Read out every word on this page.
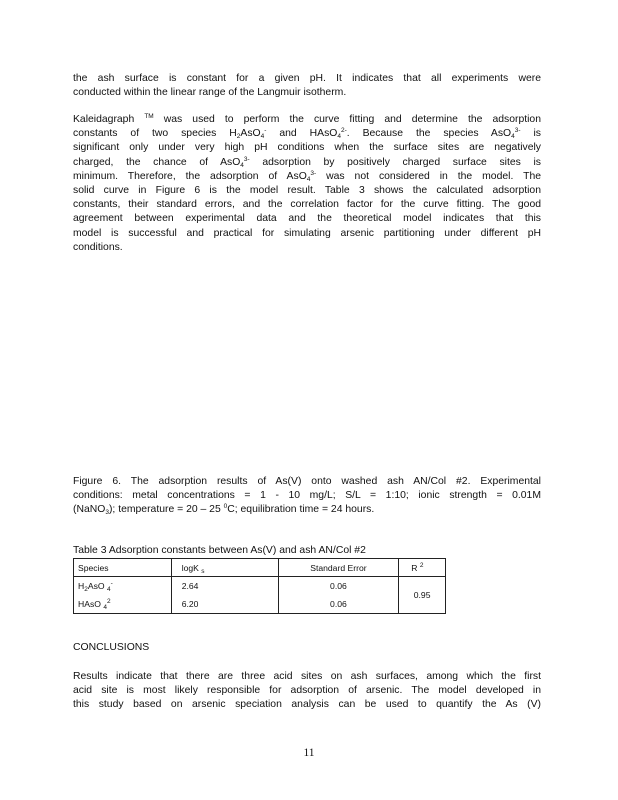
the ash surface is constant for a given pH. It indicates that all experiments were
conducted within the linear range of the Langmuir isotherm.
Kaleidagraph ™ was used to perform the curve fitting and determine the adsorption
constants of two species $H_2AsO_4^-$ and HAsO$_4^{2-}$. Because the species AsO$_4^{3-}$ is
significant only under very high pH conditions when the surface sites are negatively
charged, the chance of AsO$_4^{3-}$ adsorption by positively charged surface sites is
minimum. Therefore, the adsorption of AsO$_4^{3-}$ was not considered in the model. The
solid curve in Figure 6 is the model result. Table 3 shows the calculated adsorption
constants, their standard errors, and the correlation factor for the curve fitting. The good
agreement between experimental data and the theoretical model indicates that this
model is successful and practical for simulating arsenic partitioning under different pH
conditions.
Figure 6. The adsorption results of As(V) onto washed ash AN/Col #2. Experimental
conditions: metal concentrations = 1 - 10 mg/L; S/L = 1:10; ionic strength = 0.01M
(NaNO$_3$); temperature = 20 – 25 $^0$C; equilibration time = 24 hours.
Table 3 Adsorption constants between As(V) and ash AN/Col #2
Species	logK $_s$	Standard Error	R $^2$
$H_2AsO$ $_4$-	2.64	0.06	0.95
HAsO $_4^2$	6.20	0.06	
CONCLUSIONS
Results indicate that there are three acid sites on ash surfaces, among which the first
acid site is most likely responsible for adsorption of arsenic. The model developed in
this study based on arsenic speciation analysis can be used to quantify the As (V)
11
